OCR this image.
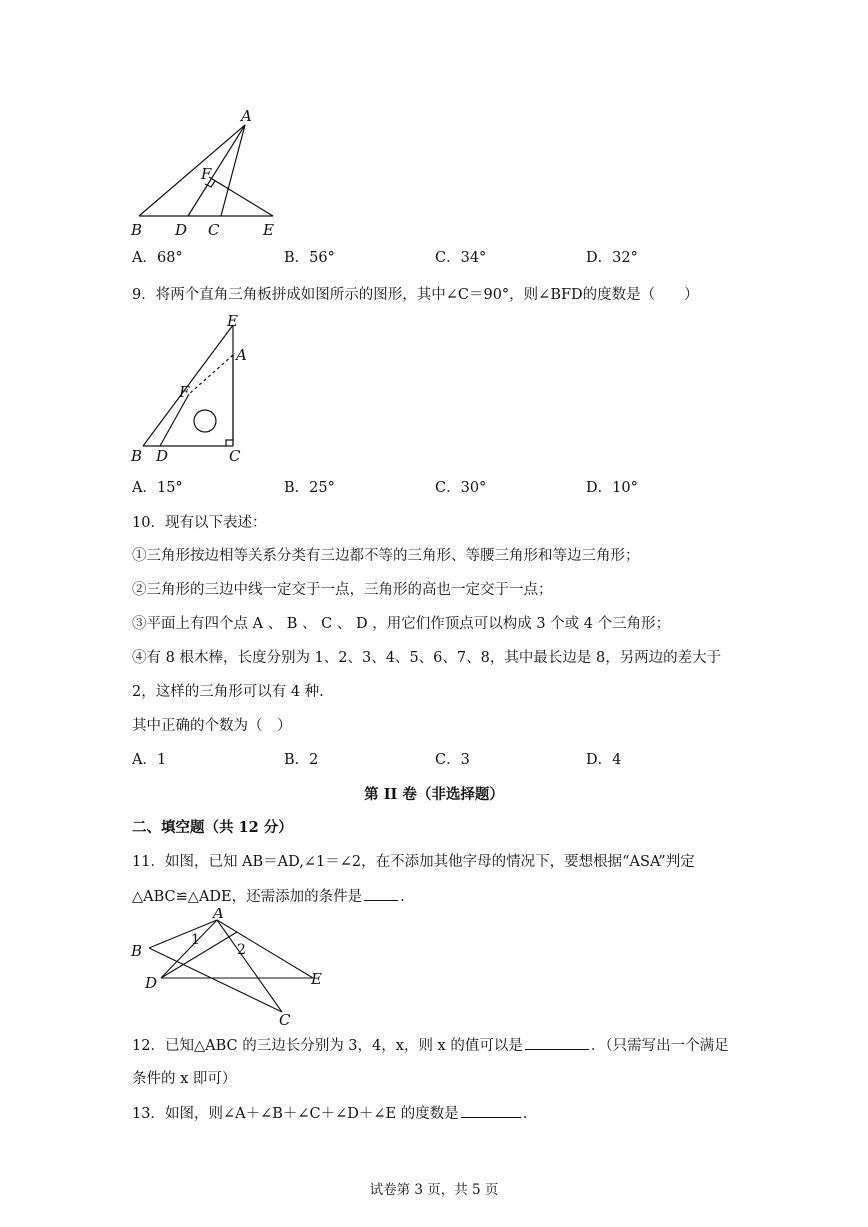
A
F
B D C	E
A．68°	B．56°	C．34°	D．32°
9．将两个直角三角板拼成如图所示的图形，其中∠C＝90°，则∠BFD的度数是（　　）
E
A
F
B D	C
A．15°	B．25°	C．30°	D．10°
10．现有以下表述：
①三角形按边相等关系分类有三边都不等的三角形、等腰三角形和等边三角形；
②三角形的三边中线一定交于一点，三角形的高也一定交于一点；
③平面上有四个点 A 、 B 、 C 、 D ，用它们作顶点可以构成 3 个或 4 个三角形；
④有 8 根木棒，长度分别为 1、2、3、4、5、6、7、8，其中最长边是 8，另两边的差大于
2，这样的三角形可以有 4 种.
其中正确的个数为（　）
A．1	B．2	C．3	D．4
第 II 卷（非选择题）
二、填空题（共 12 分）
11．如图，已知 AB＝AD,∠1＝∠2，在不添加其他字母的情况下，要想根据“ASA”判定
△ABC≌△ADE，还需添加的条件是	.
A
B
D	E
C
1
2
12．已知△ABC 的三边长分别为 3，4，x，则 x 的值可以是	．（只需写出一个满足
条件的 x 即可）
13．如图，则∠A＋∠B＋∠C＋∠D＋∠E 的度数是	.
试卷第 3 页，共 5 页
